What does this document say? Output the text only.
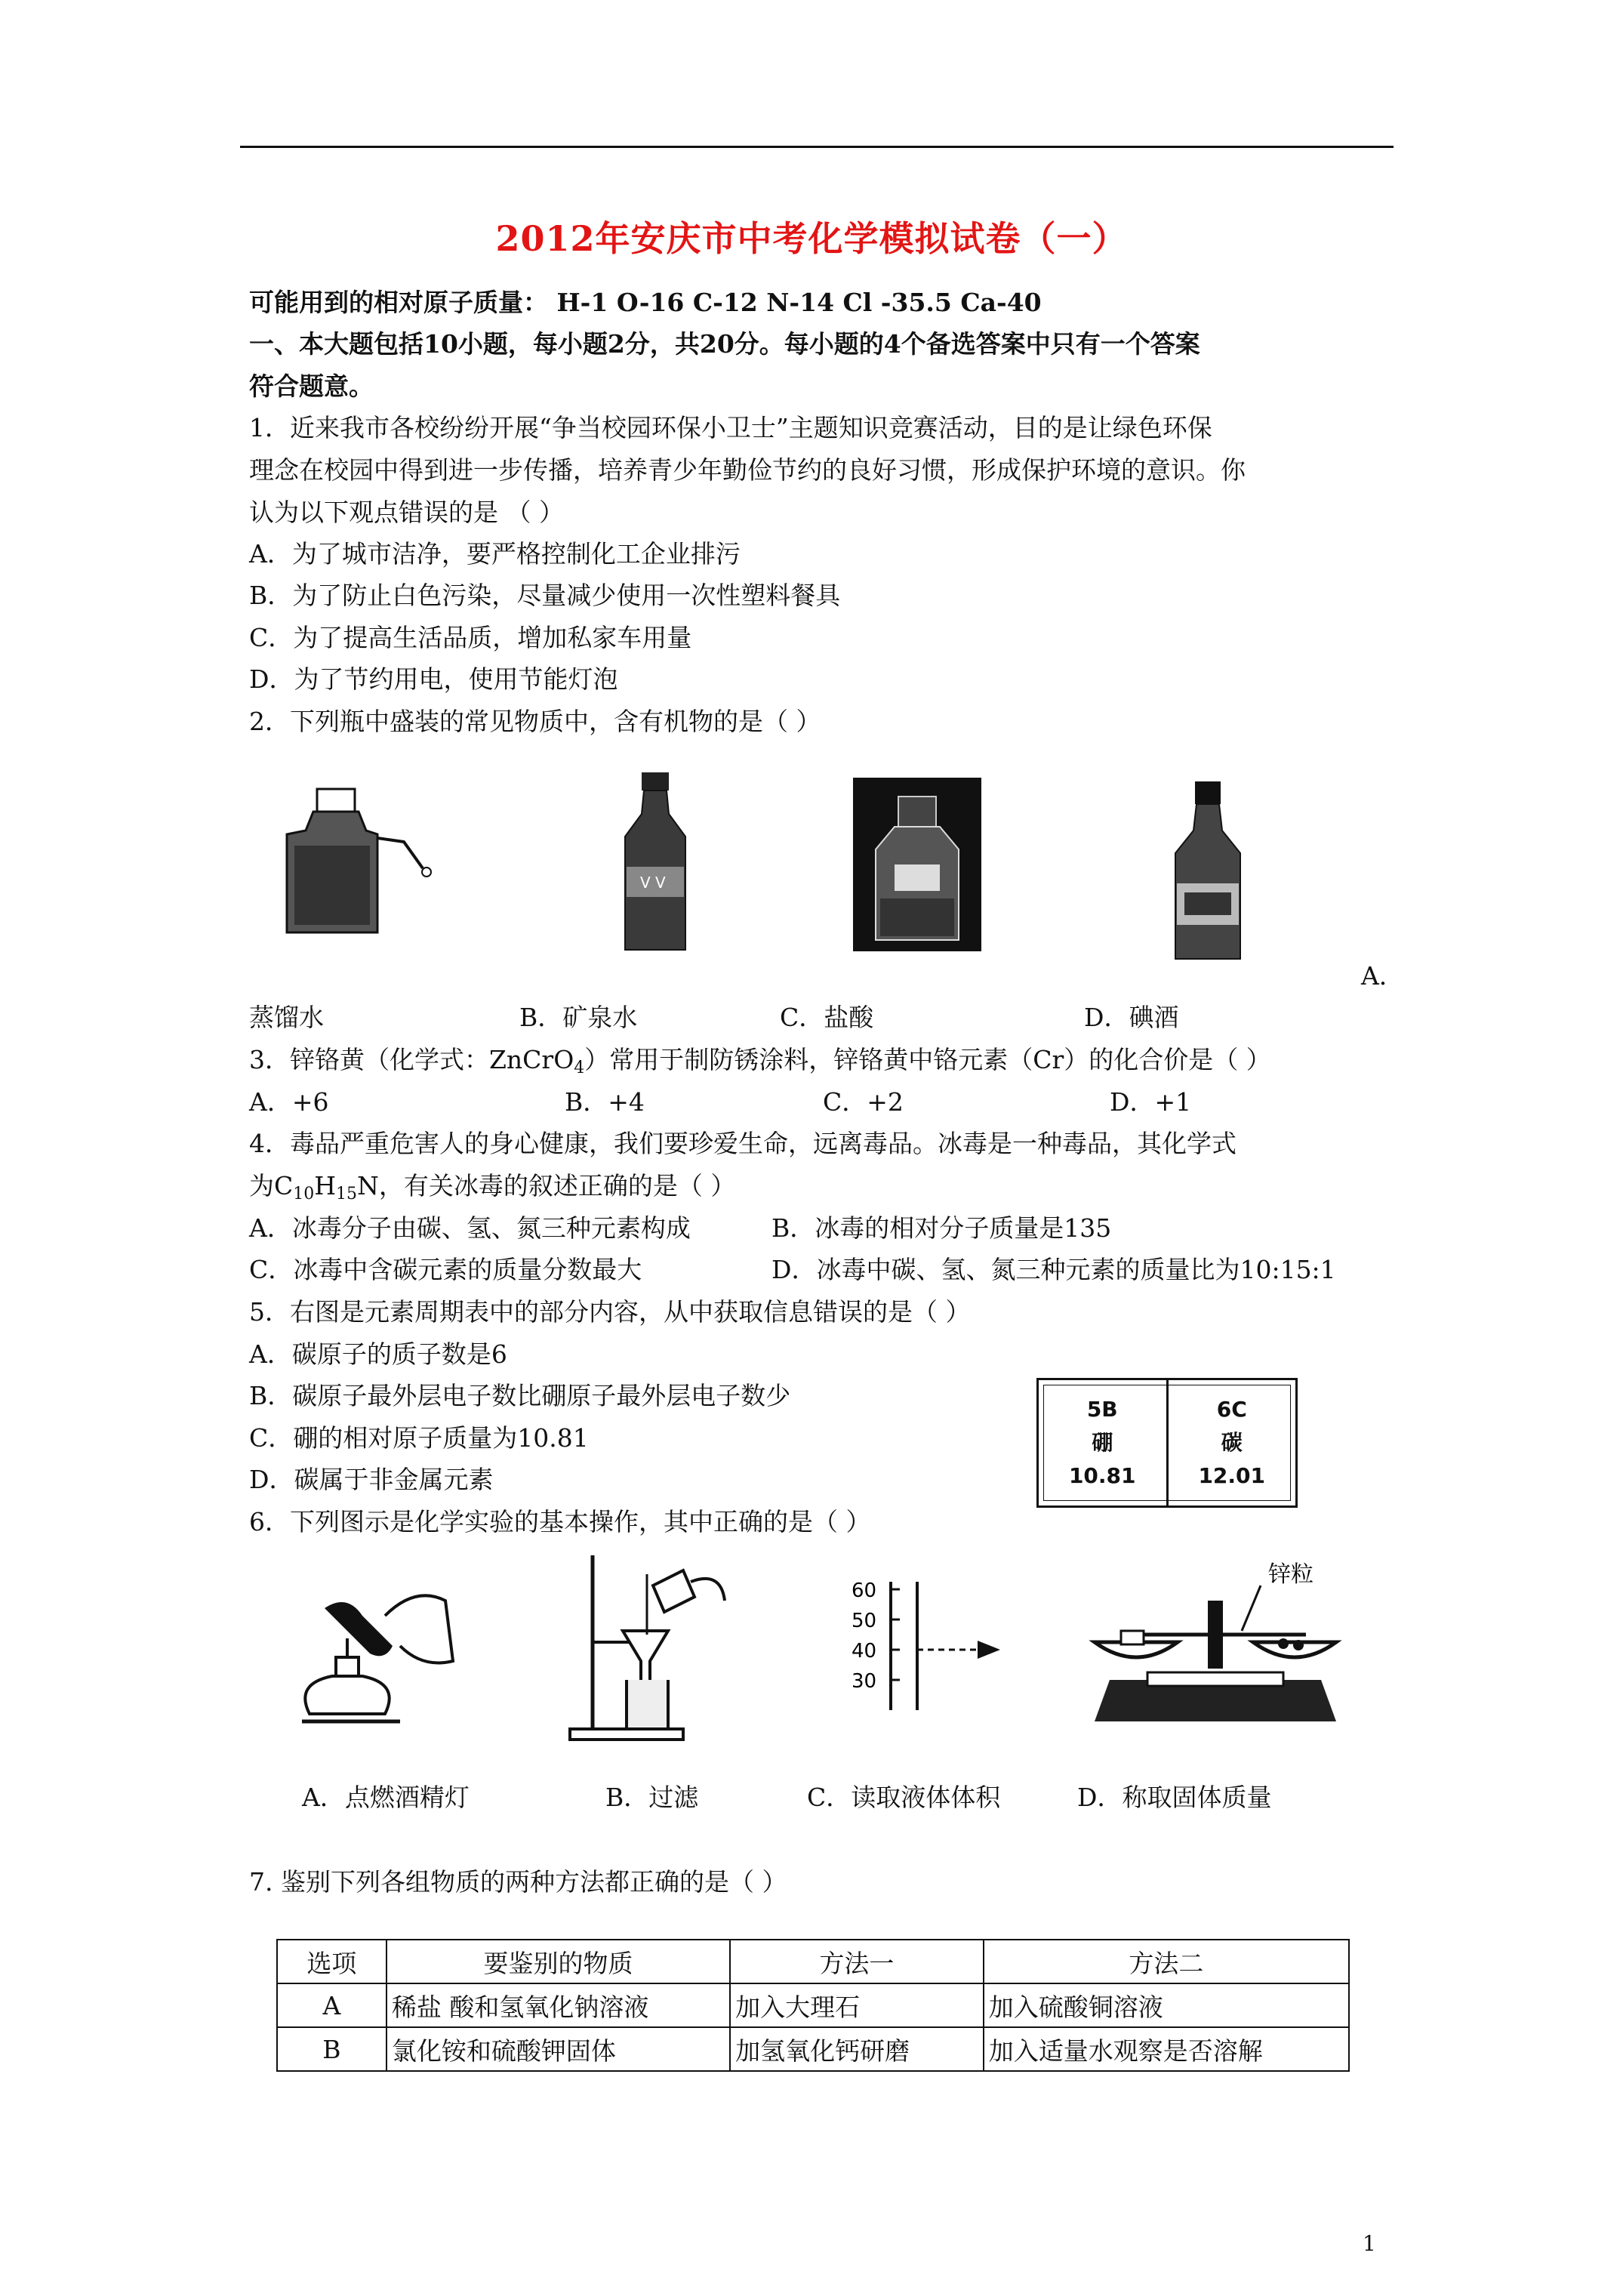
2012年安庆市中考化学模拟试卷（一）
可能用到的相对原子质量： H-1 O-16 C-12 N-14 Cl -35.5 Ca-40
一、本大题包括10小题，每小题2分，共20分。每小题的4个备选答案中只有一个答案
符合题意。
1．近来我市各校纷纷开展“争当校园环保小卫士”主题知识竞赛活动，目的是让绿色环保
理念在校园中得到进一步传播，培养青少年勤俭节约的良好习惯，形成保护环境的意识。你
认为以下观点错误的是 （ ）
A．为了城市洁净，要严格控制化工企业排污
B．为了防止白色污染，尽量减少使用一次性塑料餐具
C．为了提高生活品质，增加私家车用量
D．为了节约用电，使用节能灯泡
2．下列瓶中盛装的常见物质中，含有机物的是（ ）
V V
A．
蒸馏水	B．矿泉水	C．盐酸	D．碘酒
3．锌铬黄（化学式：ZnCrO$_4$）常用于制防锈涂料，锌铬黄中铬元素（Cr）的化合价是（ ）
A．+6	B．+4	C．+2	D．+1
4．毒品严重危害人的身心健康，我们要珍爱生命，远离毒品。冰毒是一种毒品，其化学式
为$C_{10}H_{15}N$，有关冰毒的叙述正确的是（ ）
A．冰毒分子由碳、氢、氮三种元素构成	B．冰毒的相对分子质量是135
C．冰毒中含碳元素的质量分数最大	D．冰毒中碳、氢、氮三种元素的质量比为10:15:1
5．右图是元素周期表中的部分内容，从中获取信息错误的是（ ）
A．碳原子的质子数是6
B．碳原子最外层电子数比硼原子最外层电子数少
C．硼的相对原子质量为10.81
D．碳属于非金属元素
5B
硼
10.81
6C
碳
12.01
6．下列图示是化学实验的基本操作，其中正确的是（ ）
60
50
40
30
锌粒
A．点燃酒精灯	B．过滤	C．读取液体体积	D．称取固体质量
7. 鉴别下列各组物质的两种方法都正确的是（ ）
选项	要鉴别的物质	方法一	方法二
A	稀盐 酸和氢氧化钠溶液	加入大理石	加入硫酸铜溶液
B	氯化铵和硫酸钾固体	加氢氧化钙研磨	加入适量水观察是否溶解
1
